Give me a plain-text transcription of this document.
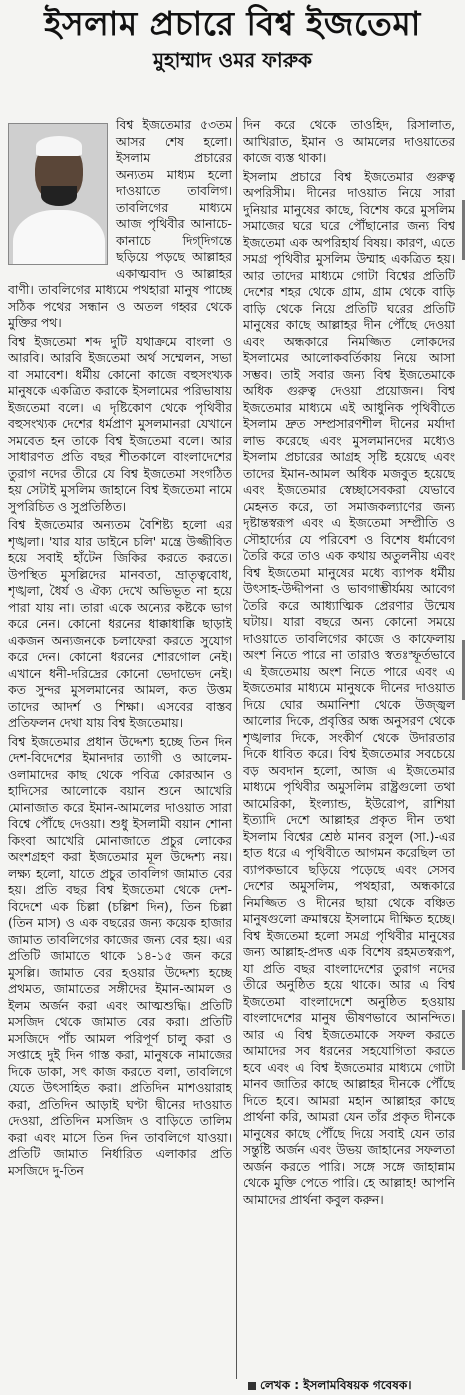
ইসলাম প্রচারে বিশ্ব ইজতেমা
মুহাম্মাদ ওমর ফারুক

বিশ্ব ইজতেমার ৫৩তম আসর শেষ হলো। ইসলাম প্রচারের অন্যতম মাধ্যম হলো দাওয়াতে তাবলিগ। তাবলিগের মাধ্যমে আজ পৃথিবীর আনাচে-কানাচে দিগ্‌দিগন্তে ছড়িয়ে পড়ছে আল্লাহর একাত্মবাদ ও আল্লাহর বাণী। তাবলিগের মাধ্যমে পথহারা মানুষ পাচ্ছে সঠিক পথের সন্ধান ও অতল গহ্বর থেকে মুক্তির পথ।

বিশ্ব ইজতেমা শব্দ দুটি যথাক্রমে বাংলা ও আরবি। আরবি ইজতেমা অর্থ সম্মেলন, সভা বা সমাবেশ। ধর্মীয় কোনো কাজে বহুসংখ্যক মানুষকে একত্রিত করাকে ইসলামের পরিভাষায় ইজতেমা বলে। এ দৃষ্টিকোণ থেকে পৃথিবীর বহুসংখ্যক দেশের ধর্মপ্রাণ মুসলমানরা যেখানে সমবেত হন তাকে বিশ্ব ইজতেমা বলে। আর সাধারণত প্রতি বছর শীতকালে বাংলাদেশের তুরাগ নদের তীরে যে বিশ্ব ইজতেমা সংগঠিত হয় সেটাই মুসলিম জাহানে বিশ্ব ইজতেমা নামে সুপরিচিত ও সুপ্রতিষ্ঠিত।

বিশ্ব ইজতেমার অন্যতম বৈশিষ্ট্য হলো এর শৃঙ্খলা। 'যার যার ডাইনে চলি' মন্ত্রে উজ্জীবিত হয়ে সবাই হাঁটেন জিকির করতে করতে। উপস্থিত মুসল্লিদের মানবতা, ভ্রাতৃত্ববোধ, শৃঙ্খলা, ধৈর্য ও ঐক্য দেখে অভিভূত না হয়ে পারা যায় না। তারা একে অন্যের কষ্টকে ভাগ করে নেন। কোনো ধরনের ধাক্কাধাক্কি ছাড়াই একজন অন্যজনকে চলাফেরা করতে সুযোগ করে দেন। কোনো ধরনের শোরগোল নেই। এখানে ধনী-দরিদ্রের কোনো ভেদাভেদ নেই। কত সুন্দর মুসলমানের আমল, কত উত্তম তাদের আদর্শ ও শিক্ষা। এসবের বাস্তব প্রতিফলন দেখা যায় বিশ্ব ইজতেমায়।

বিশ্ব ইজতেমার প্রধান উদ্দেশ্য হচ্ছে তিন দিন দেশ-বিদেশের ইমানদার ত্যাগী ও আলেম-ওলামাদের কাছ থেকে পবিত্র কোরআন ও হাদিসের আলোকে বয়ান শুনে আখেরি মোনাজাত করে ইমান-আমলের দাওয়াত সারা বিশ্বে পৌঁছে দেওয়া। শুধু ইসলামী বয়ান শোনা কিংবা আখেরি মোনাজাতে প্রচুর লোকের অংশগ্রহণ করা ইজতেমার মূল উদ্দেশ্য নয়। লক্ষ্য হলো, যাতে প্রচুর তাবলিগ জামাত বের হয়। প্রতি বছর বিশ্ব ইজতেমা থেকে দেশ-বিদেশে এক চিল্লা (চল্লিশ দিন), তিন চিল্লা (তিন মাস) ও এক বছরের জন্য কয়েক হাজার জামাত তাবলিগের কাজের জন্য বের হয়। এর প্রতিটি জামাতে থাকে ১৪-১৫ জন করে মুসল্লি। জামাত বের হওয়ার উদ্দেশ্য হচ্ছে প্রথমত, জামাতের সঙ্গীদের ইমান-আমল ও ইলম অর্জন করা এবং আত্মশুদ্ধি। প্রতিটি মসজিদ থেকে জামাত বের করা। প্রতিটি মসজিদে পাঁচ আমল পরিপূর্ণ চালু করা ও সপ্তাহে দুই দিন গাস্ত করা, মানুষকে নামাজের দিকে ডাকা, সৎ কাজ করতে বলা, তাবলিগে যেতে উৎসাহিত করা। প্রতিদিন মাশওয়ারাহ করা, প্রতিদিন আড়াই ঘণ্টা দ্বীনের দাওয়াত দেওয়া, প্রতিদিন মসজিদ ও বাড়িতে তালিম করা এবং মাসে তিন দিন তাবলিগে যাওয়া। প্রতিটি জামাত নির্ধারিত এলাকার প্রতি মসজিদে দু-তিন

দিন করে থেকে তাওহিদ, রিসালাত, আখিরাত, ইমান ও আমলের দাওয়াতের কাজে ব্যস্ত থাকা।

ইসলাম প্রচারে বিশ্ব ইজতেমার গুরুত্ব অপরিসীম। দীনের দাওয়াত নিয়ে সারা দুনিয়ার মানুষের কাছে, বিশেষ করে মুসলিম সমাজের ঘরে ঘরে পৌঁছানোর জন্য বিশ্ব ইজতেমা এক অপরিহার্য বিষয়। কারণ, এতে সমগ্র পৃথিবীর মুসলিম উম্মাহ একত্রিত হয়। আর তাদের মাধ্যমে গোটা বিশ্বের প্রতিটি দেশের শহর থেকে গ্রাম, গ্রাম থেকে বাড়ি বাড়ি থেকে নিয়ে প্রতিটি ঘরের প্রতিটি মানুষের কাছে আল্লাহর দীন পৌঁছে দেওয়া এবং অন্ধকারে নিমজ্জিত লোকদের ইসলামের আলোকবর্তিকায় নিয়ে আসা সম্ভব। তাই সবার জন্য বিশ্ব ইজতেমাকে অধিক গুরুত্ব দেওয়া প্রয়োজন। বিশ্ব ইজতেমার মাধ্যমে এই আধুনিক পৃথিবীতে ইসলাম দ্রুত সম্প্রসারণশীল দীনের মর্যাদা লাভ করেছে এবং মুসলমানদের মধ্যেও ইসলাম প্রচারের আগ্রহ সৃষ্টি হয়েছে এবং তাদের ইমান-আমল অধিক মজবুত হয়েছে এবং ইজতেমার স্বেচ্ছাসেবকরা যেভাবে মেহনত করে, তা সমাজকল্যাণের জন্য দৃষ্টান্তস্বরূপ এবং এ ইজতেমা সম্প্রীতি ও সৌহার্দ্যের যে পরিবেশ ও বিশেষ ধর্মাবেগ তৈরি করে তাও এক কথায় অতুলনীয় এবং বিশ্ব ইজতেমা মানুষের মধ্যে ব্যাপক ধর্মীয় উৎসাহ-উদ্দীপনা ও ভাবগাম্ভীর্যময় আবেগ তৈরি করে আধ্যাত্মিক প্রেরণার উন্মেষ ঘটায়। যারা বছরে অন্য কোনো সময়ে দাওয়াতে তাবলিগের কাজে ও কাফেলায় অংশ নিতে পারে না তারাও স্বতঃস্ফূর্তভাবে এ ইজতেমায় অংশ নিতে পারে এবং এ ইজতেমার মাধ্যমে মানুষকে দীনের দাওয়াত দিয়ে ঘোর অমানিশা থেকে উজ্জ্বল আলোর দিকে, প্রবৃত্তির অন্ধ অনুসরণ থেকে শৃঙ্খলার দিকে, সংকীর্ণ থেকে উদারতার দিকে ধাবিত করে। বিশ্ব ইজতেমার সবচেয়ে বড় অবদান হলো, আজ এ ইজতেমার মাধ্যমে পৃথিবীর অমুসলিম রাষ্ট্রগুলো তথা আমেরিকা, ইংল্যান্ড, ইউরোপ, রাশিয়া ইত্যাদি দেশে আল্লাহর প্রকৃত দীন তথা ইসলাম বিশ্বের শ্রেষ্ঠ মানব রসুল (সা.)-এর হাত ধরে এ পৃথিবীতে আগমন করেছিল তা ব্যাপকভাবে ছড়িয়ে পড়েছে এবং সেসব দেশের অমুসলিম, পথহারা, অন্ধকারে নিমজ্জিত ও দীনের ছায়া থেকে বঞ্চিত মানুষগুলো ক্রমান্বয়ে ইসলামে দীক্ষিত হচ্ছে। বিশ্ব ইজতেমা হলো সমগ্র পৃথিবীর মানুষের জন্য আল্লাহ-প্রদত্ত এক বিশেষ রহমতস্বরূপ, যা প্রতি বছর বাংলাদেশের তুরাগ নদের তীরে অনুষ্ঠিত হয়ে থাকে। আর এ বিশ্ব ইজতেমা বাংলাদেশে অনুষ্ঠিত হওয়ায় বাংলাদেশের মানুষ ভীষণভাবে আনন্দিত। আর এ বিশ্ব ইজতেমাকে সফল করতে আমাদের সব ধরনের সহযোগিতা করতে হবে এবং এ বিশ্ব ইজতেমার মাধ্যমে গোটা মানব জাতির কাছে আল্লাহর দীনকে পৌঁছে দিতে হবে। আমরা মহান আল্লাহর কাছে প্রার্থনা করি, আমরা যেন তাঁর প্রকৃত দীনকে মানুষের কাছে পৌঁছে দিয়ে সবাই যেন তার সন্তুষ্টি অর্জন এবং উভয় জাহানের সফলতা অর্জন করতে পারি। সঙ্গে সঙ্গে জাহান্নাম থেকে মুক্তি পেতে পারি। হে আল্লাহ! আপনি আমাদের প্রার্থনা কবুল করুন।

লেখক : ইসলামবিষয়ক গবেষক।
